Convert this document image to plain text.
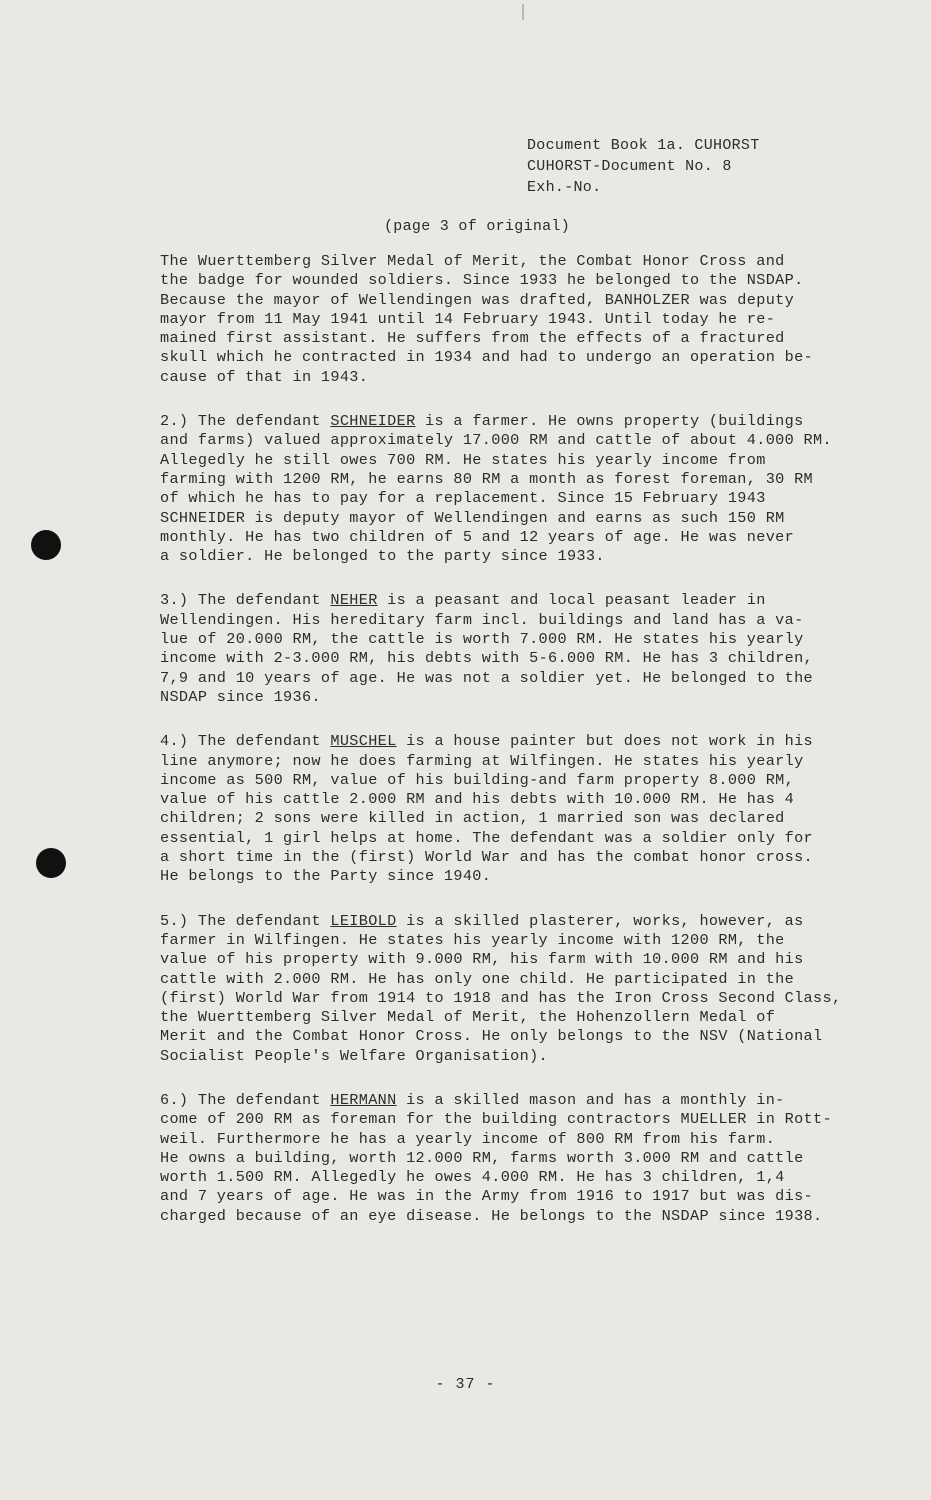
Document Book 1a. CUHORST
CUHORST-Document No. 8
Exh.-No.
(page 3 of original)
The Wuerttemberg Silver Medal of Merit, the Combat Honor Cross and
the badge for wounded soldiers. Since 1933 he belonged to the NSDAP.
Because the mayor of Wellendingen was drafted, BANHOLZER was deputy
mayor from 11 May 1941 until 14 February 1943. Until today he re-
mained first assistant. He suffers from the effects of a fractured
skull which he contracted in 1934 and had to undergo an operation be-
cause of that in 1943.
2.) The defendant SCHNEIDER is a farmer. He owns property (buildings
and farms) valued approximately 17.000 RM and cattle of about 4.000 RM.
Allegedly he still owes 700 RM. He states his yearly income from
farming with 1200 RM, he earns 80 RM a month as forest foreman, 30 RM
of which he has to pay for a replacement. Since 15 February 1943
SCHNEIDER is deputy mayor of Wellendingen and earns as such 150 RM
monthly. He has two children of 5 and 12 years of age. He was never
a soldier. He belonged to the party since 1933.
3.) The defendant NEHER is a peasant and local peasant leader in
Wellendingen. His hereditary farm incl. buildings and land has a va-
lue of 20.000 RM, the cattle is worth 7.000 RM. He states his yearly
income with 2-3.000 RM, his debts with 5-6.000 RM. He has 3 children,
7,9 and 10 years of age. He was not a soldier yet. He belonged to the
NSDAP since 1936.
4.) The defendant MUSCHEL is a house painter but does not work in his
line anymore; now he does farming at Wilfingen. He states his yearly
income as 500 RM, value of his building-and farm property 8.000 RM,
value of his cattle 2.000 RM and his debts with 10.000 RM. He has 4
children; 2 sons were killed in action, 1 married son was declared
essential, 1 girl helps at home. The defendant was a soldier only for
a short time in the (first) World War and has the combat honor cross.
He belongs to the Party since 1940.
5.) The defendant LEIBOLD is a skilled plasterer, works, however, as
farmer in Wilfingen. He states his yearly income with 1200 RM, the
value of his property with 9.000 RM, his farm with 10.000 RM and his
cattle with 2.000 RM. He has only one child. He participated in the
(first) World War from 1914 to 1918 and has the Iron Cross Second Class,
the Wuerttemberg Silver Medal of Merit, the Hohenzollern Medal of
Merit and the Combat Honor Cross. He only belongs to the NSV (National
Socialist People's Welfare Organisation).
6.) The defendant HERMANN is a skilled mason and has a monthly in-
come of 200 RM as foreman for the building contractors MUELLER in Rott-
weil. Furthermore he has a yearly income of 800 RM from his farm.
He owns a building, worth 12.000 RM, farms worth 3.000 RM and cattle
worth 1.500 RM. Allegedly he owes 4.000 RM. He has 3 children, 1,4
and 7 years of age. He was in the Army from 1916 to 1917 but was dis-
charged because of an eye disease. He belongs to the NSDAP since 1938.
- 37 -
